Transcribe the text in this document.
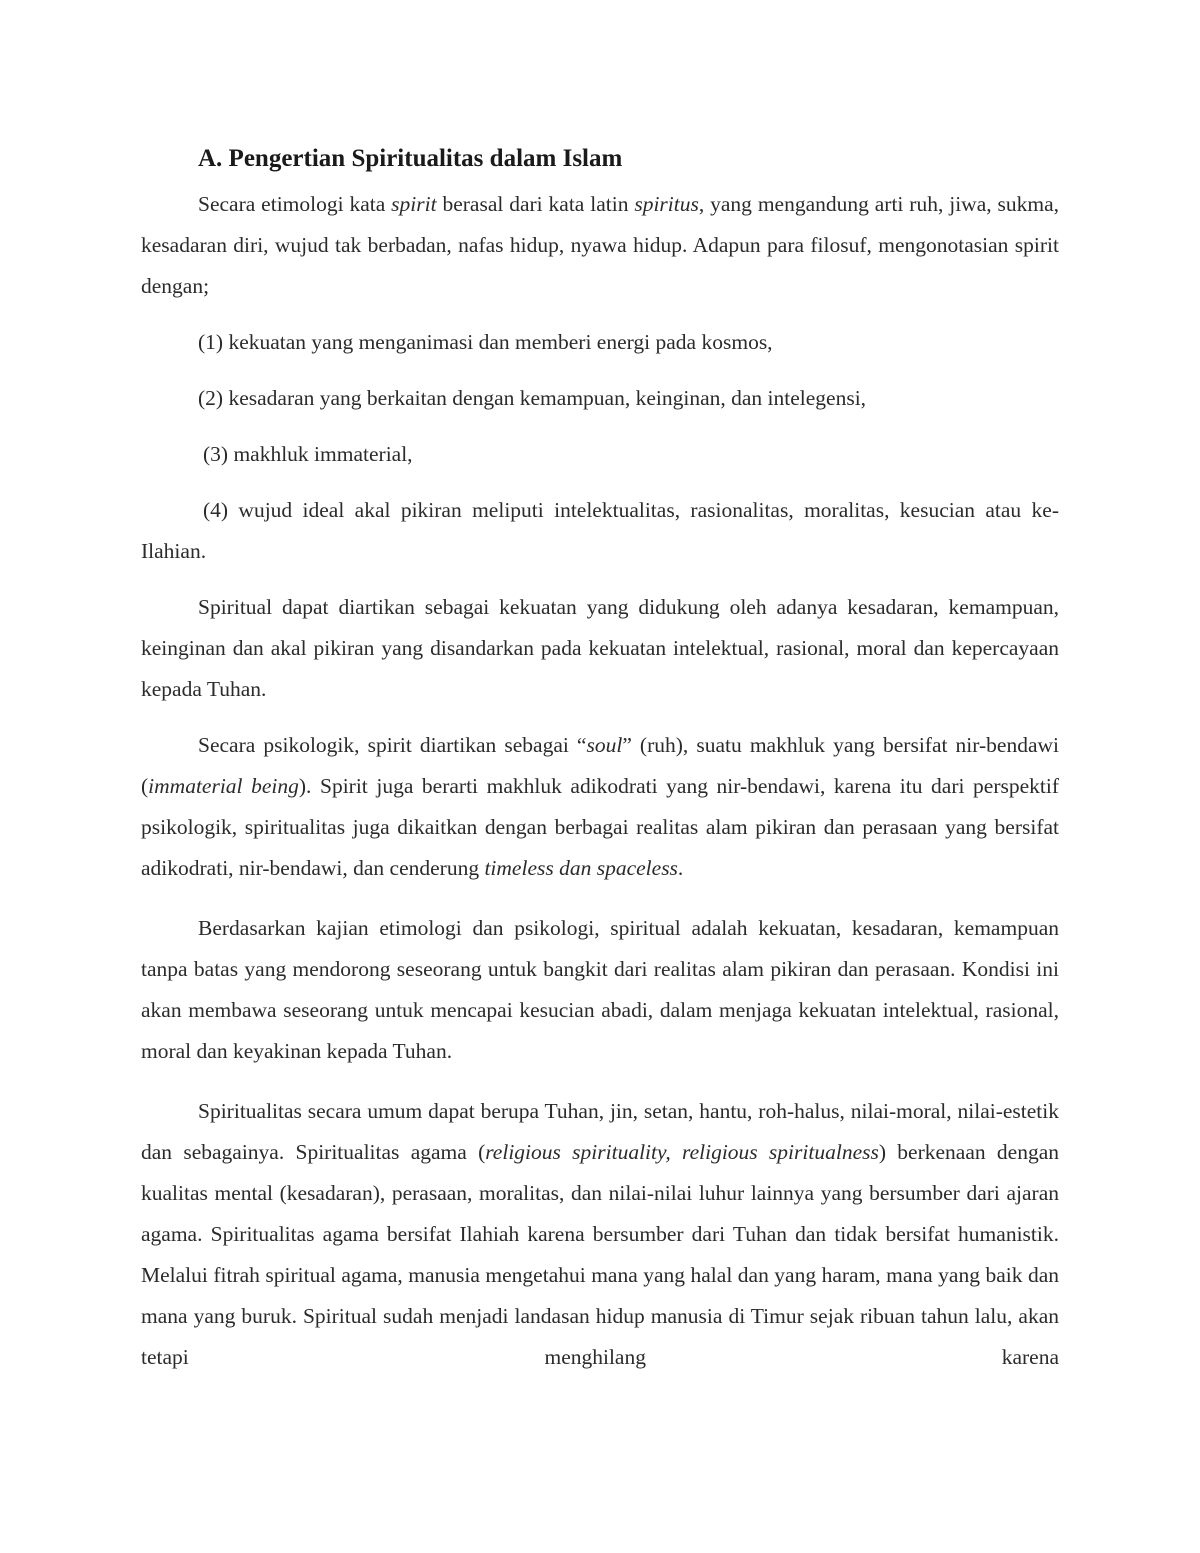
A. Pengertian Spiritualitas dalam Islam

Secara etimologi kata spirit berasal dari kata latin spiritus, yang mengandung arti ruh, jiwa, sukma, kesadaran diri, wujud tak berbadan, nafas hidup, nyawa hidup. Adapun para filosuf, mengonotasian spirit dengan;

(1) kekuatan yang menganimasi dan memberi energi pada kosmos,

(2) kesadaran yang berkaitan dengan kemampuan, keinginan, dan intelegensi,

(3) makhluk immaterial,

(4) wujud ideal akal pikiran meliputi intelektualitas, rasionalitas, moralitas, kesucian atau ke-Ilahian.

Spiritual dapat diartikan sebagai kekuatan yang didukung oleh adanya kesadaran, kemampuan, keinginan dan akal pikiran yang disandarkan pada kekuatan intelektual, rasional, moral dan kepercayaan kepada Tuhan.

Secara psikologik, spirit diartikan sebagai “soul” (ruh), suatu makhluk yang bersifat nir-bendawi (immaterial being). Spirit juga berarti makhluk adikodrati yang nir-bendawi, karena itu dari perspektif psikologik, spiritualitas juga dikaitkan dengan berbagai realitas alam pikiran dan perasaan yang bersifat adikodrati, nir-bendawi, dan cenderung timeless dan spaceless.

Berdasarkan kajian etimologi dan psikologi, spiritual adalah kekuatan, kesadaran, kemampuan tanpa batas yang mendorong seseorang untuk bangkit dari realitas alam pikiran dan perasaan. Kondisi ini akan membawa seseorang untuk mencapai kesucian abadi, dalam menjaga kekuatan intelektual, rasional, moral dan keyakinan kepada Tuhan.

Spiritualitas secara umum dapat berupa Tuhan, jin, setan, hantu, roh-halus, nilai-moral, nilai-estetik dan sebagainya. Spiritualitas agama (religious spirituality, religious spiritualness) berkenaan dengan kualitas mental (kesadaran), perasaan, moralitas, dan nilai-nilai luhur lainnya yang bersumber dari ajaran agama. Spiritualitas agama bersifat Ilahiah karena bersumber dari Tuhan dan tidak bersifat humanistik. Melalui fitrah spiritual agama, manusia mengetahui mana yang halal dan yang haram, mana yang baik dan mana yang buruk. Spiritual sudah menjadi landasan hidup manusia di Timur sejak ribuan tahun lalu, akan tetapi menghilang karena
